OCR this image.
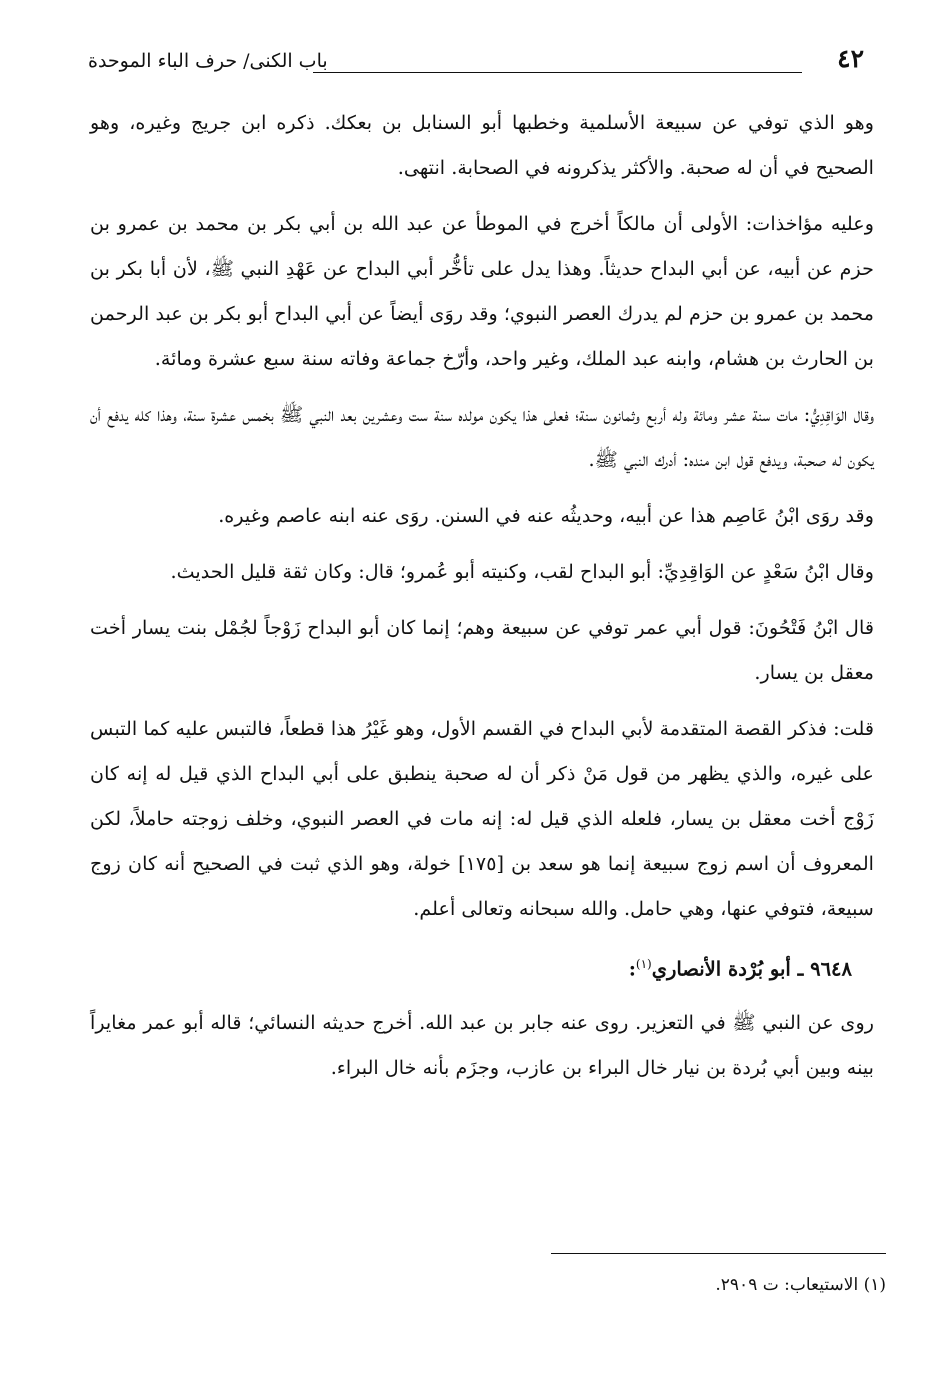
٤٢
باب الكنى/ حرف الباء الموحدة

وهو الذي توفي عن سبيعة الأسلمية وخطبها أبو السنابل بن بعكك. ذكره ابن جريج وغيره، وهو الصحيح في أن له صحبة. والأكثر يذكرونه في الصحابة. انتهى.

وعليه مؤاخذات: الأولى أن مالكاً أخرج في الموطأ عن عبد الله بن أبي بكر بن محمد بن عمرو بن حزم عن أبيه، عن أبي البداح حديثاً. وهذا يدل على تأخُّر أبي البداح عن عَهْدِ النبي ﷺ، لأن أبا بكر بن محمد بن عمرو بن حزم لم يدرك العصر النبوي؛ وقد روَى أيضاً عن أبي البداح أبو بكر بن عبد الرحمن بن الحارث بن هشام، وابنه عبد الملك، وغير واحد، وأرّخ جماعة وفاته سنة سبع عشرة ومائة.

وقال الوَاقِدِيُّ: مات سنة عشر ومائة وله أربع وثمانون سنة؛ فعلى هذا يكون مولده سنة ست وعشرين بعد النبي ﷺ بخمس عشرة سنة، وهذا كله يدفع أن يكون له صحبة، ويدفع قول ابن منده: أدرك النبي ﷺ.

وقد روَى ابْنُ عَاصِم هذا عن أبيه، وحديثُه عنه في السنن. روَى عنه ابنه عاصم وغيره.

وقال ابْنُ سَعْدٍ عن الوَاقِدِيِّ: أبو البداح لقب، وكنيته أبو عُمرو؛ قال: وكان ثقة قليل الحديث.

قال ابْنُ فَتْحُونَ: قول أبي عمر توفي عن سبيعة وهم؛ إنما كان أبو البداح زَوْجاً لجُمْل بنت يسار أخت معقل بن يسار.

قلت: فذكر القصة المتقدمة لأبي البداح في القسم الأول، وهو غَيْرُ هذا قطعاً، فالتبس عليه كما التبس على غيره، والذي يظهر من قول مَنْ ذكر أن له صحبة ينطبق على أبي البداح الذي قيل له إنه كان زَوْج أخت معقل بن يسار، فلعله الذي قيل له: إنه مات في العصر النبوي، وخلف زوجته حاملاً، لكن المعروف أن اسم زوج سبيعة إنما هو سعد بن [١٧٥] خولة، وهو الذي ثبت في الصحيح أنه كان زوج سبيعة، فتوفي عنها، وهي حامل. والله سبحانه وتعالى أعلم.

٩٦٤٨ ـ أبو بُرْدة الأنصاري$^{(١)}$:

روى عن النبي ﷺ في التعزير. روى عنه جابر بن عبد الله. أخرج حديثه النسائي؛ قاله أبو عمر مغايراً بينه وبين أبي بُردة بن نيار خال البراء بن عازب، وجزَم بأنه خال البراء.

(١) الاستيعاب: ت ٢٩٠٩.
